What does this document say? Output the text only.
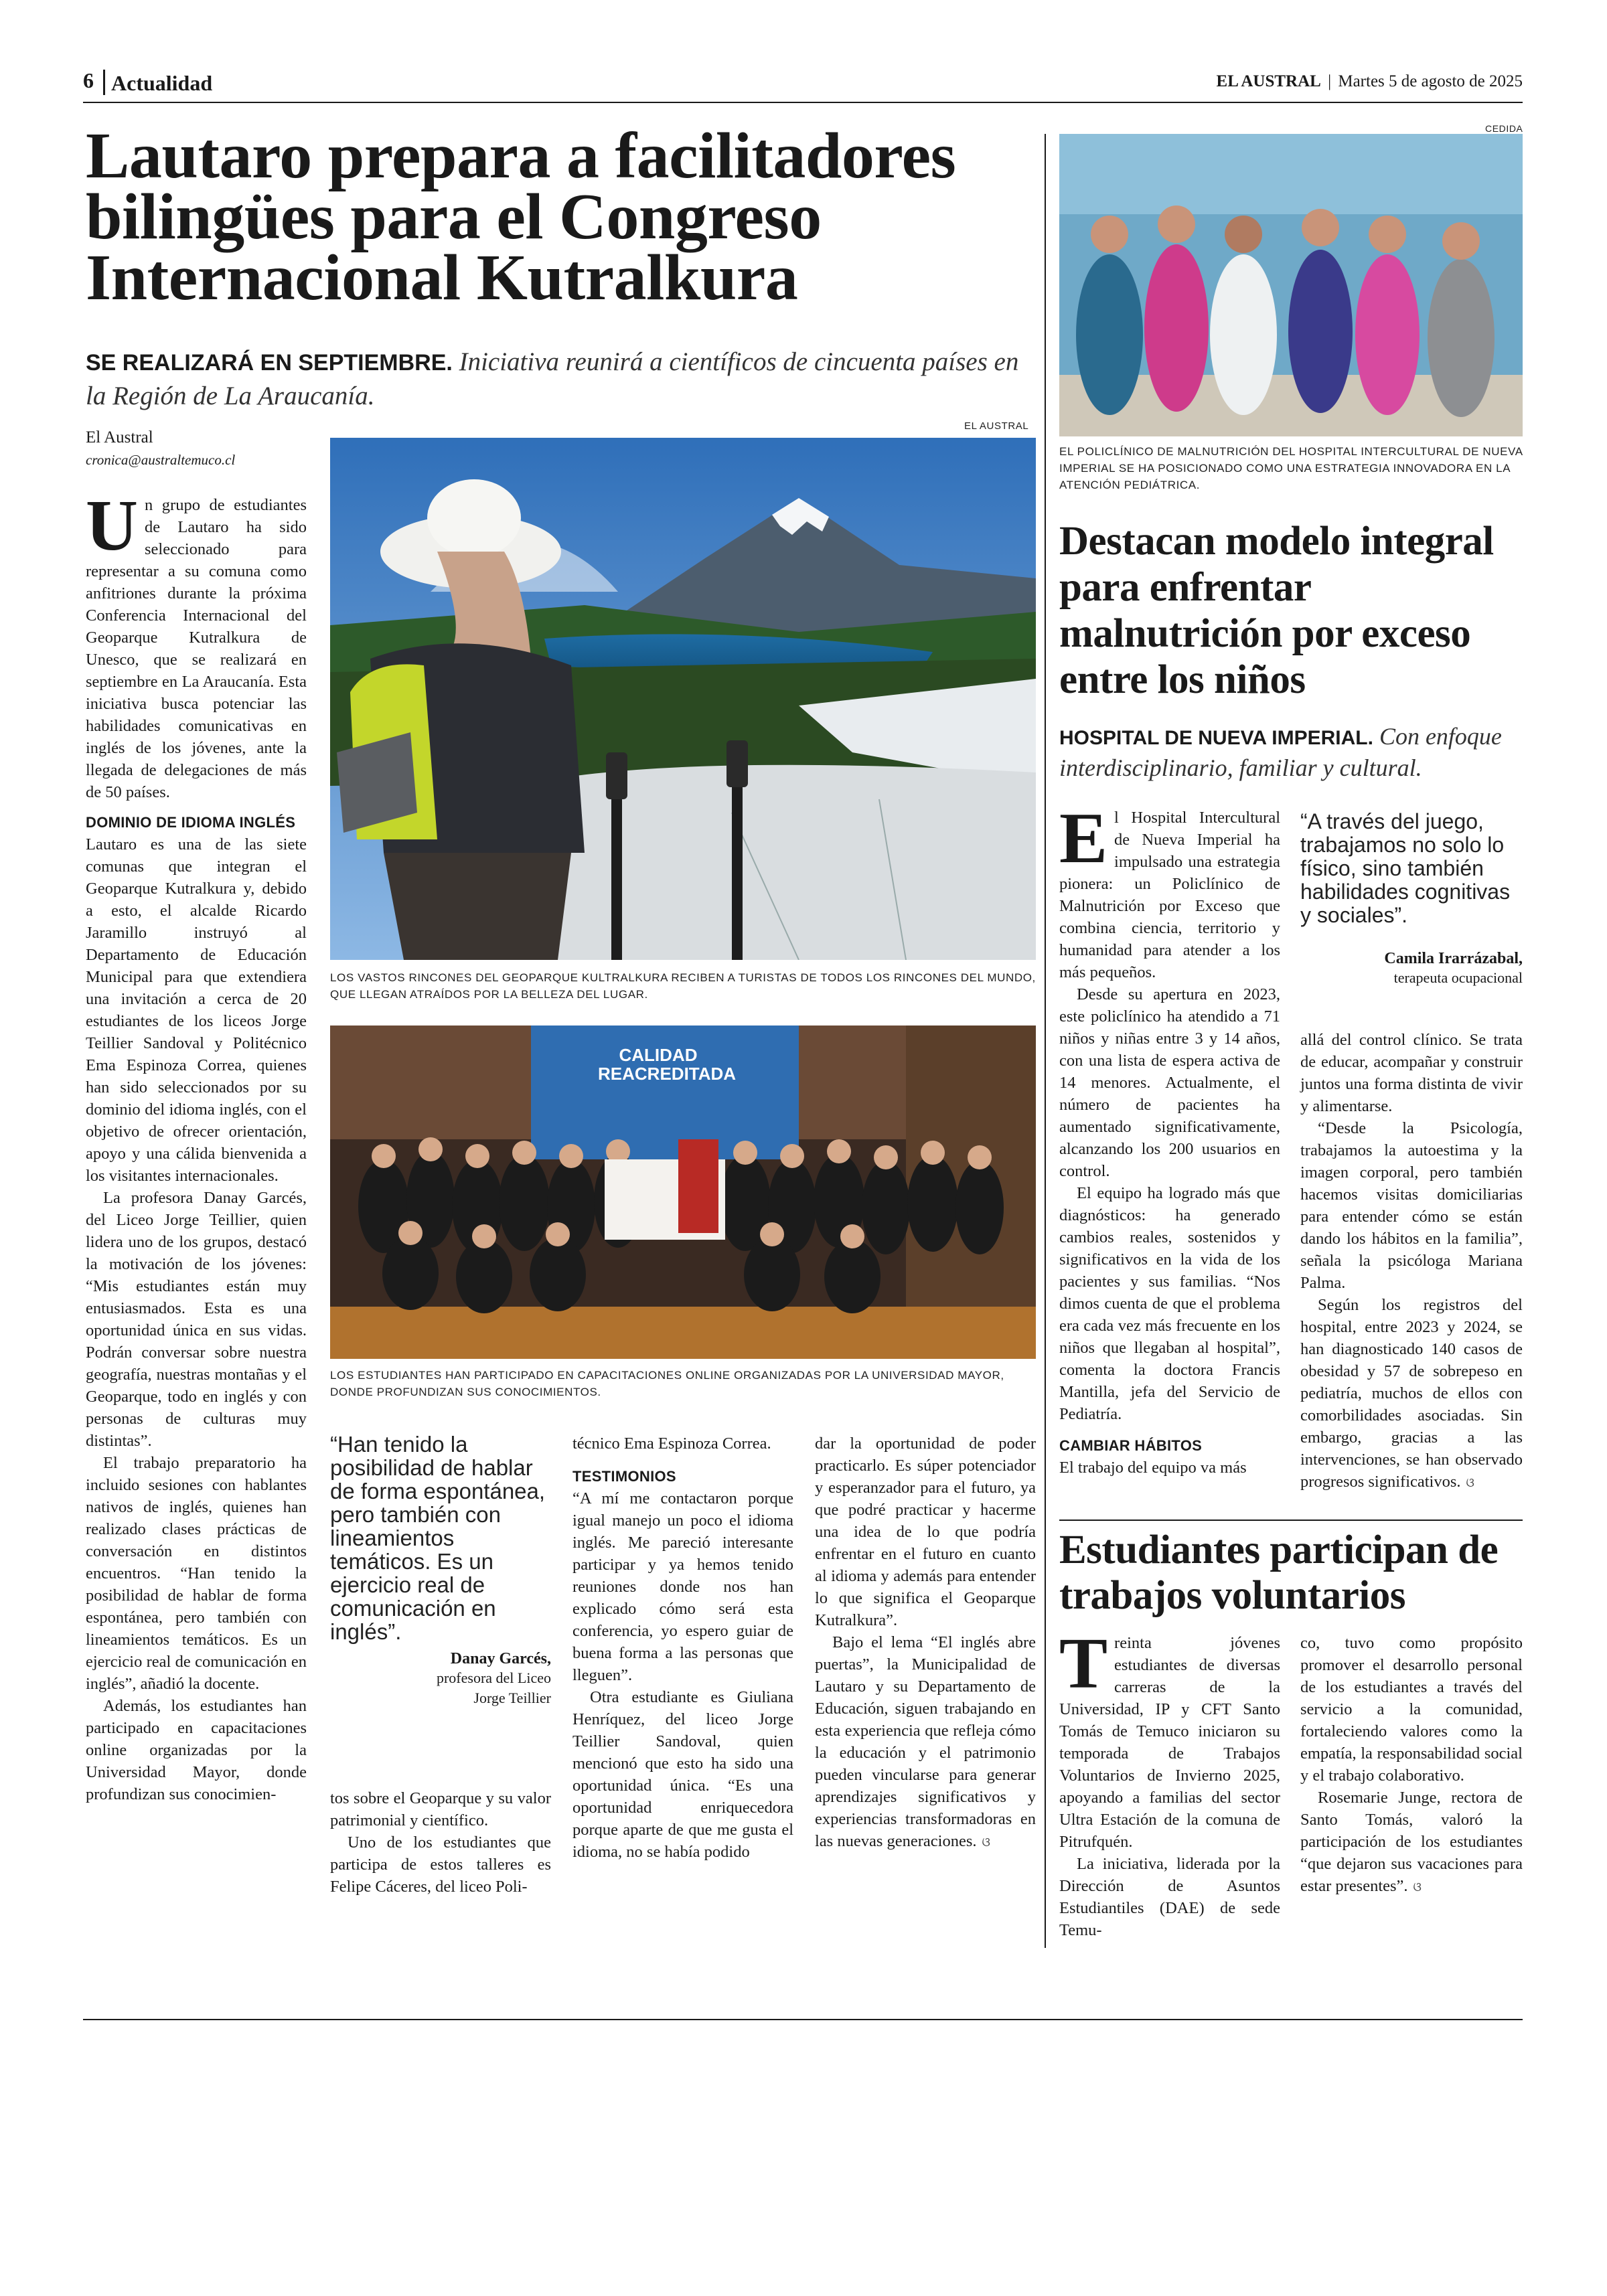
6 Actualidad	EL AUSTRAL | Martes 5 de agosto de 2025
Lautaro prepara a facilitadores bilingües para el Congreso Internacional Kutralkura
SE REALIZARÁ EN SEPTIEMBRE. Iniciativa reunirá a científicos de cincuenta países en la Región de La Araucanía.
El Austral
cronica@australtemuco.cl
EL AUSTRAL
LOS VASTOS RINCONES DEL GEOPARQUE KULTRALKURA RECIBEN A TURISTAS DE TODOS LOS RINCONES DEL MUNDO, QUE LLEGAN ATRAÍDOS POR LA BELLEZA DEL LUGAR.
CALIDAD REACREDITADA
LOS ESTUDIANTES HAN PARTICIPADO EN CAPACITACIONES ONLINE ORGANIZADAS POR LA UNIVERSIDAD MAYOR, DONDE PROFUNDIZAN SUS CONOCIMIENTOS.

Un grupo de estudiantes de Lautaro ha sido seleccionado para representar a su comuna como anfitriones durante la próxima Conferencia Internacional del Geoparque Kutralkura de Unesco, que se realizará en septiembre en La Araucanía. Esta iniciativa busca potenciar las habilidades comunicativas en inglés de los jóvenes, ante la llegada de delegaciones de más de 50 países.

DOMINIO DE IDIOMA INGLÉS

Lautaro es una de las siete comunas que integran el Geoparque Kutralkura y, debido a esto, el alcalde Ricardo Jaramillo instruyó al Departamento de Educación Municipal para que extendiera una invitación a cerca de 20 estudiantes de los liceos Jorge Teillier Sandoval y Politécnico Ema Espinoza Correa, quienes han sido seleccionados por su dominio del idioma inglés, con el objetivo de ofrecer orientación, apoyo y una cálida bienvenida a los visitantes internacionales.

La profesora Danay Garcés, del Liceo Jorge Teillier, quien lidera uno de los grupos, destacó la motivación de los jóvenes: “Mis estudiantes están muy entusiasmados. Esta es una oportunidad única en sus vidas. Podrán conversar sobre nuestra geografía, nuestras montañas y el Geoparque, todo en inglés y con personas de culturas muy distintas”.

El trabajo preparatorio ha incluido sesiones con hablantes nativos de inglés, quienes han realizado clases prácticas de conversación en distintos encuentros. “Han tenido la posibilidad de hablar de forma espontánea, pero también con lineamientos temáticos. Es un ejercicio real de comunicación en inglés”, añadió la docente.

Además, los estudiantes han participado en capacitaciones online organizadas por la Universidad Mayor, donde profundizan sus conocimien-

“Han tenido la posibilidad de hablar de forma espontánea, pero también con lineamientos temáticos. Es un ejercicio real de comunicación en inglés”.
Danay Garcés,
profesora del Liceo Jorge Teillier

tos sobre el Geoparque y su valor patrimonial y científico.

Uno de los estudiantes que participa de estos talleres es Felipe Cáceres, del liceo Poli-

técnico Ema Espinoza Correa.

TESTIMONIOS

“A mí me contactaron porque igual manejo un poco el idioma inglés. Me pareció interesante participar y ya hemos tenido reuniones donde nos han explicado cómo será esta conferencia, yo espero guiar de buena forma a las personas que lleguen”.

Otra estudiante es Giuliana Henríquez, del liceo Jorge Teillier Sandoval, quien mencionó que esto ha sido una oportunidad única. “Es una oportunidad enriquecedora porque aparte de que me gusta el idioma, no se había podido

dar la oportunidad de poder practicarlo. Es súper potenciador y esperanzador para el futuro, ya que podré practicar y hacerme una idea de lo que podría enfrentar en el futuro en cuanto al idioma y además para entender lo que significa el Geoparque Kutralkura”.

Bajo el lema “El inglés abre puertas”, la Municipalidad de Lautaro y su Departamento de Educación, siguen trabajando en esta experiencia que refleja cómo la educación y el patrimonio pueden vincularse para generar aprendizajes significativos y experiencias transformadoras en las nuevas generaciones. ଓ

CEDIDA
EL POLICLÍNICO DE MALNUTRICIÓN DEL HOSPITAL INTERCULTURAL DE NUEVA IMPERIAL SE HA POSICIONADO COMO UNA ESTRATEGIA INNOVADORA EN LA ATENCIÓN PEDIÁTRICA.
Destacan modelo integral para enfrentar malnutrición por exceso entre los niños
HOSPITAL DE NUEVA IMPERIAL. Con enfoque interdisciplinario, familiar y cultural.

El Hospital Intercultural de Nueva Imperial ha impulsado una estrategia pionera: un Policlínico de Malnutrición por Exceso que combina ciencia, territorio y humanidad para atender a los más pequeños.

Desde su apertura en 2023, este policlínico ha atendido a 71 niños y niñas entre 3 y 14 años, con una lista de espera activa de 14 menores. Actualmente, el número de pacientes ha aumentado significativamente, alcanzando los 200 usuarios en control.

El equipo ha logrado más que diagnósticos: ha generado cambios reales, sostenidos y significativos en la vida de los pacientes y sus familias. “Nos dimos cuenta de que el problema era cada vez más frecuente en los niños que llegaban al hospital”, comenta la doctora Francis Mantilla, jefa del Servicio de Pediatría.

CAMBIAR HÁBITOS

El trabajo del equipo va más

“A través del juego, trabajamos no solo lo físico, sino también habilidades cognitivas y sociales”.
Camila Irarrázabal,
terapeuta ocupacional

allá del control clínico. Se trata de educar, acompañar y construir juntos una forma distinta de vivir y alimentarse.

“Desde la Psicología, trabajamos la autoestima y la imagen corporal, pero también hacemos visitas domiciliarias para entender cómo se están dando los hábitos en la familia”, señala la psicóloga Mariana Palma.

Según los registros del hospital, entre 2023 y 2024, se han diagnosticado 140 casos de obesidad y 57 de sobrepeso en pediatría, muchos de ellos con comorbilidades asociadas. Sin embargo, gracias a las intervenciones, se han observado progresos significativos. ଓ

Estudiantes participan de trabajos voluntarios

Treinta jóvenes estudiantes de diversas carreras de la Universidad, IP y CFT Santo Tomás de Temuco iniciaron su temporada de Trabajos Voluntarios de Invierno 2025, apoyando a familias del sector Ultra Estación de la comuna de Pitrufquén.

La iniciativa, liderada por la Dirección de Asuntos Estudiantiles (DAE) de sede Temu-

co, tuvo como propósito promover el desarrollo personal de los estudiantes a través del servicio a la comunidad, fortaleciendo valores como la empatía, la responsabilidad social y el trabajo colaborativo.

Rosemarie Junge, rectora de Santo Tomás, valoró la participación de los estudiantes “que dejaron sus vacaciones para estar presentes”. ଓ
